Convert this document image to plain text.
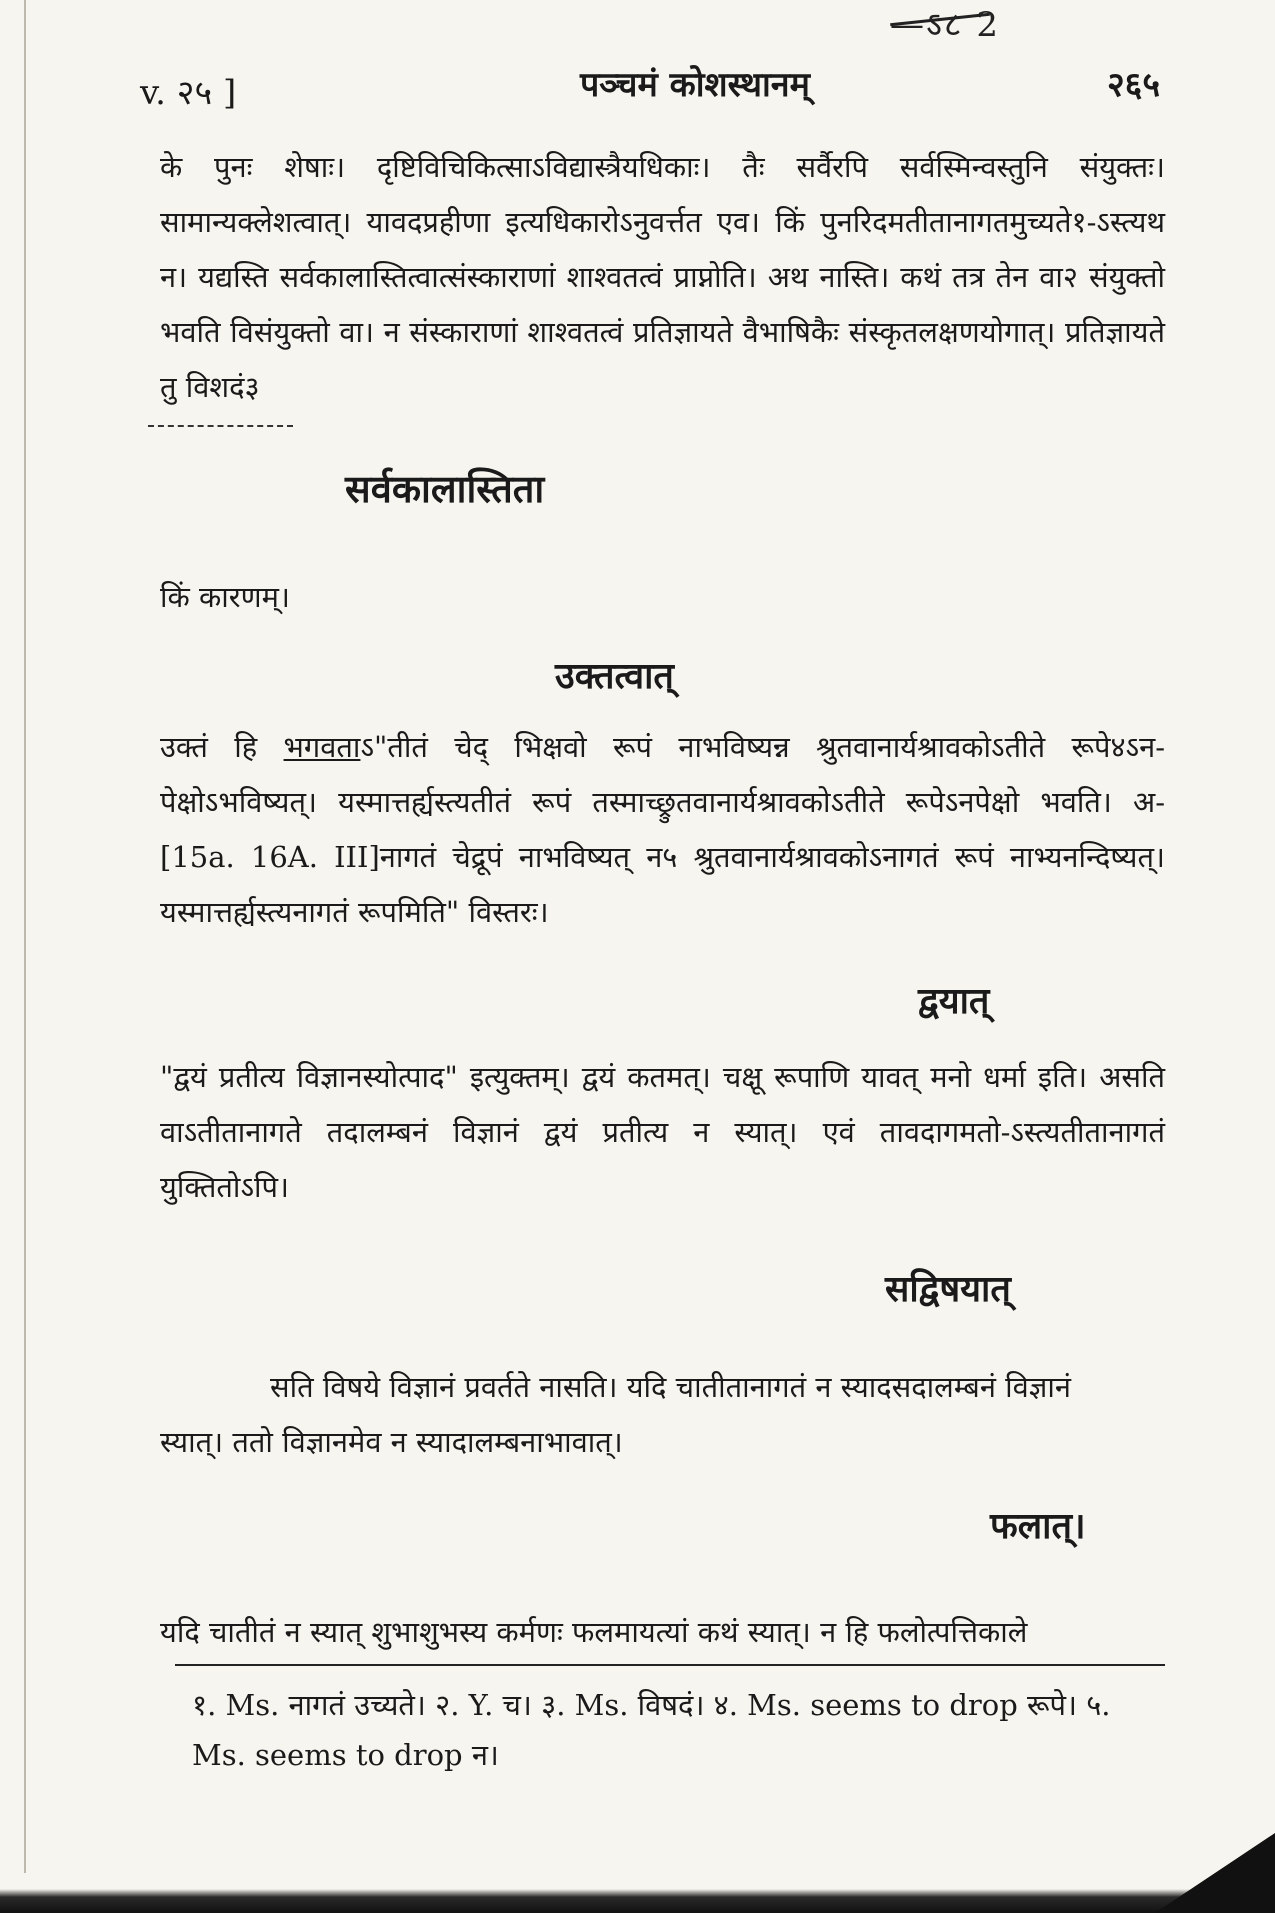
—ऽ८ 2
v. २५ ]	पञ्चमं कोशस्थानम्	२६५
के पुनः शेषाः। दृष्टिविचिकित्साऽविद्यास्त्रैयधिकाः। तैः सर्वैरपि सर्वस्मिन्वस्तुनि संयुक्तः। सामान्यक्लेशत्वात्। यावदप्रहीणा इत्यधिकारोऽनुवर्त्तत एव। किं पुनरिदमतीतानागतमुच्यते१-ऽस्त्यथ न। यद्यस्ति सर्वकालास्तित्वात्संस्काराणां शाश्वतत्वं प्राप्नोति। अथ नास्ति। कथं तत्र तेन वा२ संयुक्तो भवति विसंयुक्तो वा। न संस्काराणां शाश्वतत्वं प्रतिज्ञायते वैभाषिकैः संस्कृतलक्षणयोगात्। प्रतिज्ञायते तु विशदं३
सर्वकालास्तिता
किं कारणम्।
उक्तत्वात्
उक्तं हि भगवताऽ"तीतं चेद् भिक्षवो रूपं नाभविष्यन्न श्रुतवानार्यश्रावकोऽतीते रूपे४ऽन-पेक्षोऽभविष्यत्। यस्मात्तर्ह्यस्त्यतीतं रूपं तस्माच्छ्रुतवानार्यश्रावकोऽतीते रूपेऽनपेक्षो भवति। अ-[15a. 16A. III]नागतं चेद्रूपं नाभविष्यत् न५ श्रुतवानार्यश्रावकोऽनागतं रूपं नाभ्यनन्दिष्यत्। यस्मात्तर्ह्यस्त्यनागतं रूपमिति" विस्तरः।
द्वयात्
"द्वयं प्रतीत्य विज्ञानस्योत्पाद" इत्युक्तम्। द्वयं कतमत्। चक्षू रूपाणि यावत् मनो धर्मा इति। असति वाऽतीतानागते तदालम्बनं विज्ञानं द्वयं प्रतीत्य न स्यात्। एवं तावदागमतो-ऽस्त्यतीतानागतं युक्तितोऽपि।
सद्विषयात्
सति विषये विज्ञानं प्रवर्तते नासति। यदि चातीतानागतं न स्यादसदालम्बनं विज्ञानं
स्यात्। ततो विज्ञानमेव न स्यादालम्बनाभावात्।
फलात्।
यदि चातीतं न स्यात् शुभाशुभस्य कर्मणः फलमायत्यां कथं स्यात्। न हि फलोत्पत्तिकाले
१. Ms. नागतं उच्यते। २. Y. च। ३. Ms. विषदं। ४. Ms. seems to drop रूपे। ५. Ms. seems to drop न।
